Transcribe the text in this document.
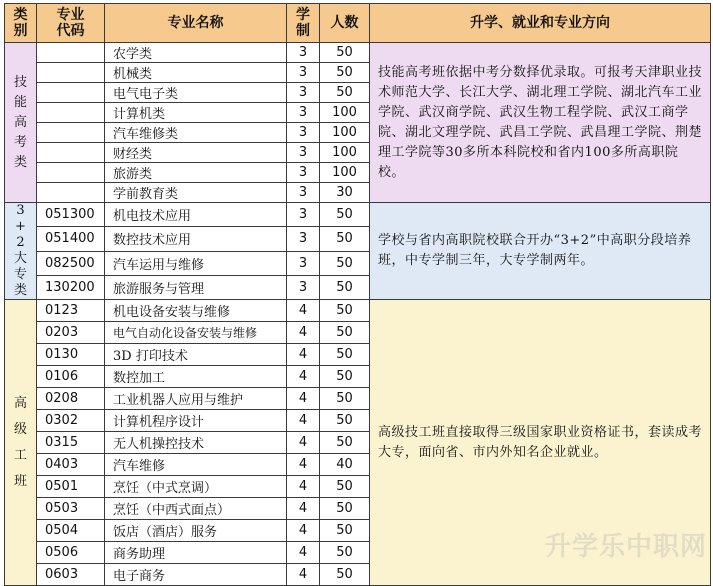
类别	专业代码	专业名称	学制	人数	升学、就业和专业方向

技能高考类		农学类	3	50	技能高考班依据中考分数择优录取。可报考天津职业技术师范大学、长江大学、湖北理工学院、湖北汽车工业学院、武汉商学院、武汉生物工程学院、武汉工商学院、湖北文理学院、武昌工学院、武昌理工学院、荆楚理工学院等30多所本科院校和省内100多所高职院校。
		机械类	3	50	
		电气电子类	3	50	
		计算机类	3	100	
		汽车维修类	3	100	
		财经类	3	100	
		旅游类	3	100	
		学前教育类	3	30	

3+2大专类	051300	机电技术应用	3	50	学校与省内高职院校联合开办“3+2”中高职分段培养班，中专学制三年，大专学制两年。
	051400	数控技术应用	3	50	
	082500	汽车运用与维修	3	50	
	130200	旅游服务与管理	3	50	

高级工班	0123	机电设备安装与维修	4	50	高级技工班直接取得三级国家职业资格证书，套读成考大专，面向省、市内外知名企业就业。
	0203	电气自动化设备安装与维修	4	50	
	0130	3D 打印技术	4	50	
	0106	数控加工	4	50	
	0208	工业机器人应用与维护	4	50	
	0302	计算机程序设计	4	50	
	0315	无人机操控技术	4	50	
	0403	汽车维修	4	40	
	0501	烹饪（中式烹调）	4	50	
	0503	烹饪（中西式面点）	4	50	
	0504	饭店（酒店）服务	4	50	
	0506	商务助理	4	50	
	0603	电子商务	4	50	
升学乐中职网
